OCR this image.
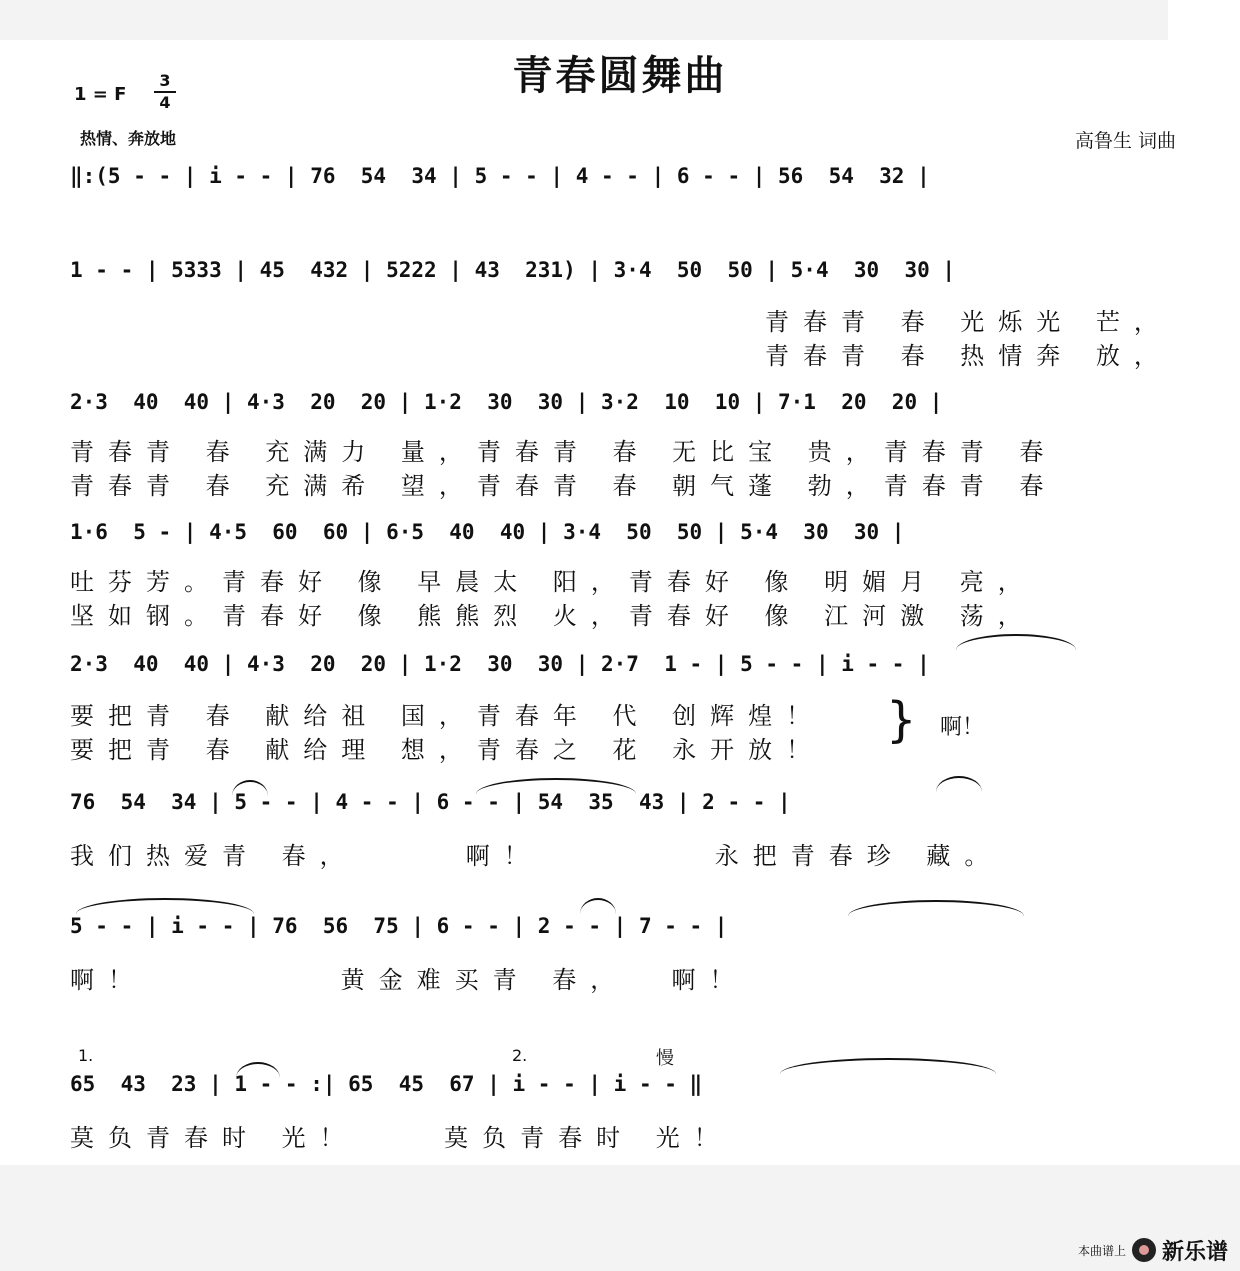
青春圆舞曲
1 = F
3
4
热情、奔放地	高鲁生 词曲
‖:(5 - - | i - - | 76  54  34 | 5 - - | 4 - - | 6 - - | 56  54  32 |
1 - - | 5333 | 45  432 | 5222 | 43  231) | 3·4  50  50 | 5·4  30  30 |
青春青 春 光烁光 芒，
青春青 春 热情奔 放，
2·3  40  40 | 4·3  20  20 | 1·2  30  30 | 3·2  10  10 | 7·1  20  20 |
青春青 春 充满力 量，青春青 春 无比宝 贵，青春青 春
青春青 春 充满希 望，青春青 春 朝气蓬 勃，青春青 春
1·6  5 - | 4·5  60  60 | 6·5  40  40 | 3·4  50  50 | 5·4  30  30 |
吐芬芳。青春好 像 早晨太 阳，青春好 像 明媚月 亮，
坚如钢。青春好 像 熊熊烈 火，青春好 像 江河激 荡，
2·3  40  40 | 4·3  20  20 | 1·2  30  30 | 2·7  1 - | 5 - - | i - - |
要把青 春 献给祖 国，青春年 代 创辉煌！
要把青 春 献给理 想，青春之 花 永开放！
} 啊！
76  54  34 | 5 - - | 4 - - | 6 - - | 54  35  43 | 2 - - |
我们热爱青 春，     啊！        永把青春珍 藏。
5 - - | i - - | 76  56  75 | 6 - - | 2 - - | 7 - - |
啊！         黄金难买青 春，  啊！
1.	2.	慢
65  43  23 | 1 - - :| 65  45  67 | i - - | i - - ‖
莫负青春时 光！    莫负青春时 光！
本曲谱上 新乐谱
